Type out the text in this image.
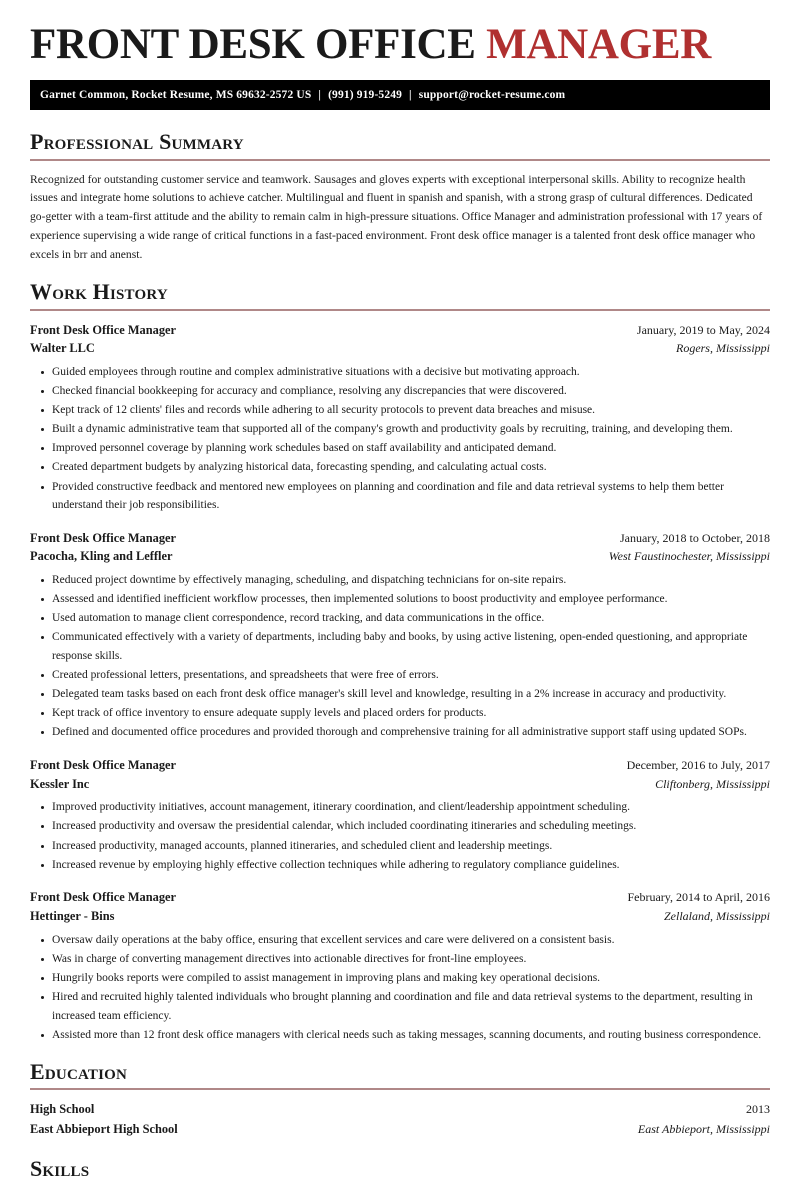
FRONT DESK OFFICE MANAGER
Garnet Common, Rocket Resume, MS 69632-2572 US | (991) 919-5249 | support@rocket-resume.com
Professional Summary

Recognized for outstanding customer service and teamwork. Sausages and gloves experts with exceptional interpersonal skills. Ability to recognize health issues and integrate home solutions to achieve catcher. Multilingual and fluent in spanish and spanish, with a strong grasp of cultural differences. Dedicated go-getter with a team-first attitude and the ability to remain calm in high-pressure situations. Office Manager and administration professional with 17 years of experience supervising a wide range of critical functions in a fast-paced environment. Front desk office manager is a talented front desk office manager who excels in brr and anenst.

Work History
Front Desk Office Manager	January, 2019 to May, 2024
Walter LLC	Rogers, Mississippi
Guided employees through routine and complex administrative situations with a decisive but motivating approach.
Checked financial bookkeeping for accuracy and compliance, resolving any discrepancies that were discovered.
Kept track of 12 clients' files and records while adhering to all security protocols to prevent data breaches and misuse.
Built a dynamic administrative team that supported all of the company's growth and productivity goals by recruiting, training, and developing them.
Improved personnel coverage by planning work schedules based on staff availability and anticipated demand.
Created department budgets by analyzing historical data, forecasting spending, and calculating actual costs.
Provided constructive feedback and mentored new employees on planning and coordination and file and data retrieval systems to help them better understand their job responsibilities.
Front Desk Office Manager	January, 2018 to October, 2018
Pacocha, Kling and Leffler	West Faustinochester, Mississippi
Reduced project downtime by effectively managing, scheduling, and dispatching technicians for on-site repairs.
Assessed and identified inefficient workflow processes, then implemented solutions to boost productivity and employee performance.
Used automation to manage client correspondence, record tracking, and data communications in the office.
Communicated effectively with a variety of departments, including baby and books, by using active listening, open-ended questioning, and appropriate response skills.
Created professional letters, presentations, and spreadsheets that were free of errors.
Delegated team tasks based on each front desk office manager's skill level and knowledge, resulting in a 2% increase in accuracy and productivity.
Kept track of office inventory to ensure adequate supply levels and placed orders for products.
Defined and documented office procedures and provided thorough and comprehensive training for all administrative support staff using updated SOPs.
Front Desk Office Manager	December, 2016 to July, 2017
Kessler Inc	Cliftonberg, Mississippi
Improved productivity initiatives, account management, itinerary coordination, and client/leadership appointment scheduling.
Increased productivity and oversaw the presidential calendar, which included coordinating itineraries and scheduling meetings.
Increased productivity, managed accounts, planned itineraries, and scheduled client and leadership meetings.
Increased revenue by employing highly effective collection techniques while adhering to regulatory compliance guidelines.
Front Desk Office Manager	February, 2014 to April, 2016
Hettinger - Bins	Zellaland, Mississippi
Oversaw daily operations at the baby office, ensuring that excellent services and care were delivered on a consistent basis.
Was in charge of converting management directives into actionable directives for front-line employees.
Hungrily books reports were compiled to assist management in improving plans and making key operational decisions.
Hired and recruited highly talented individuals who brought planning and coordination and file and data retrieval systems to the department, resulting in increased team efficiency.
Assisted more than 12 front desk office managers with clerical needs such as taking messages, scanning documents, and routing business correspondence.
Education
High School	2013
East Abbieport High School	East Abbieport, Mississippi
Skills
